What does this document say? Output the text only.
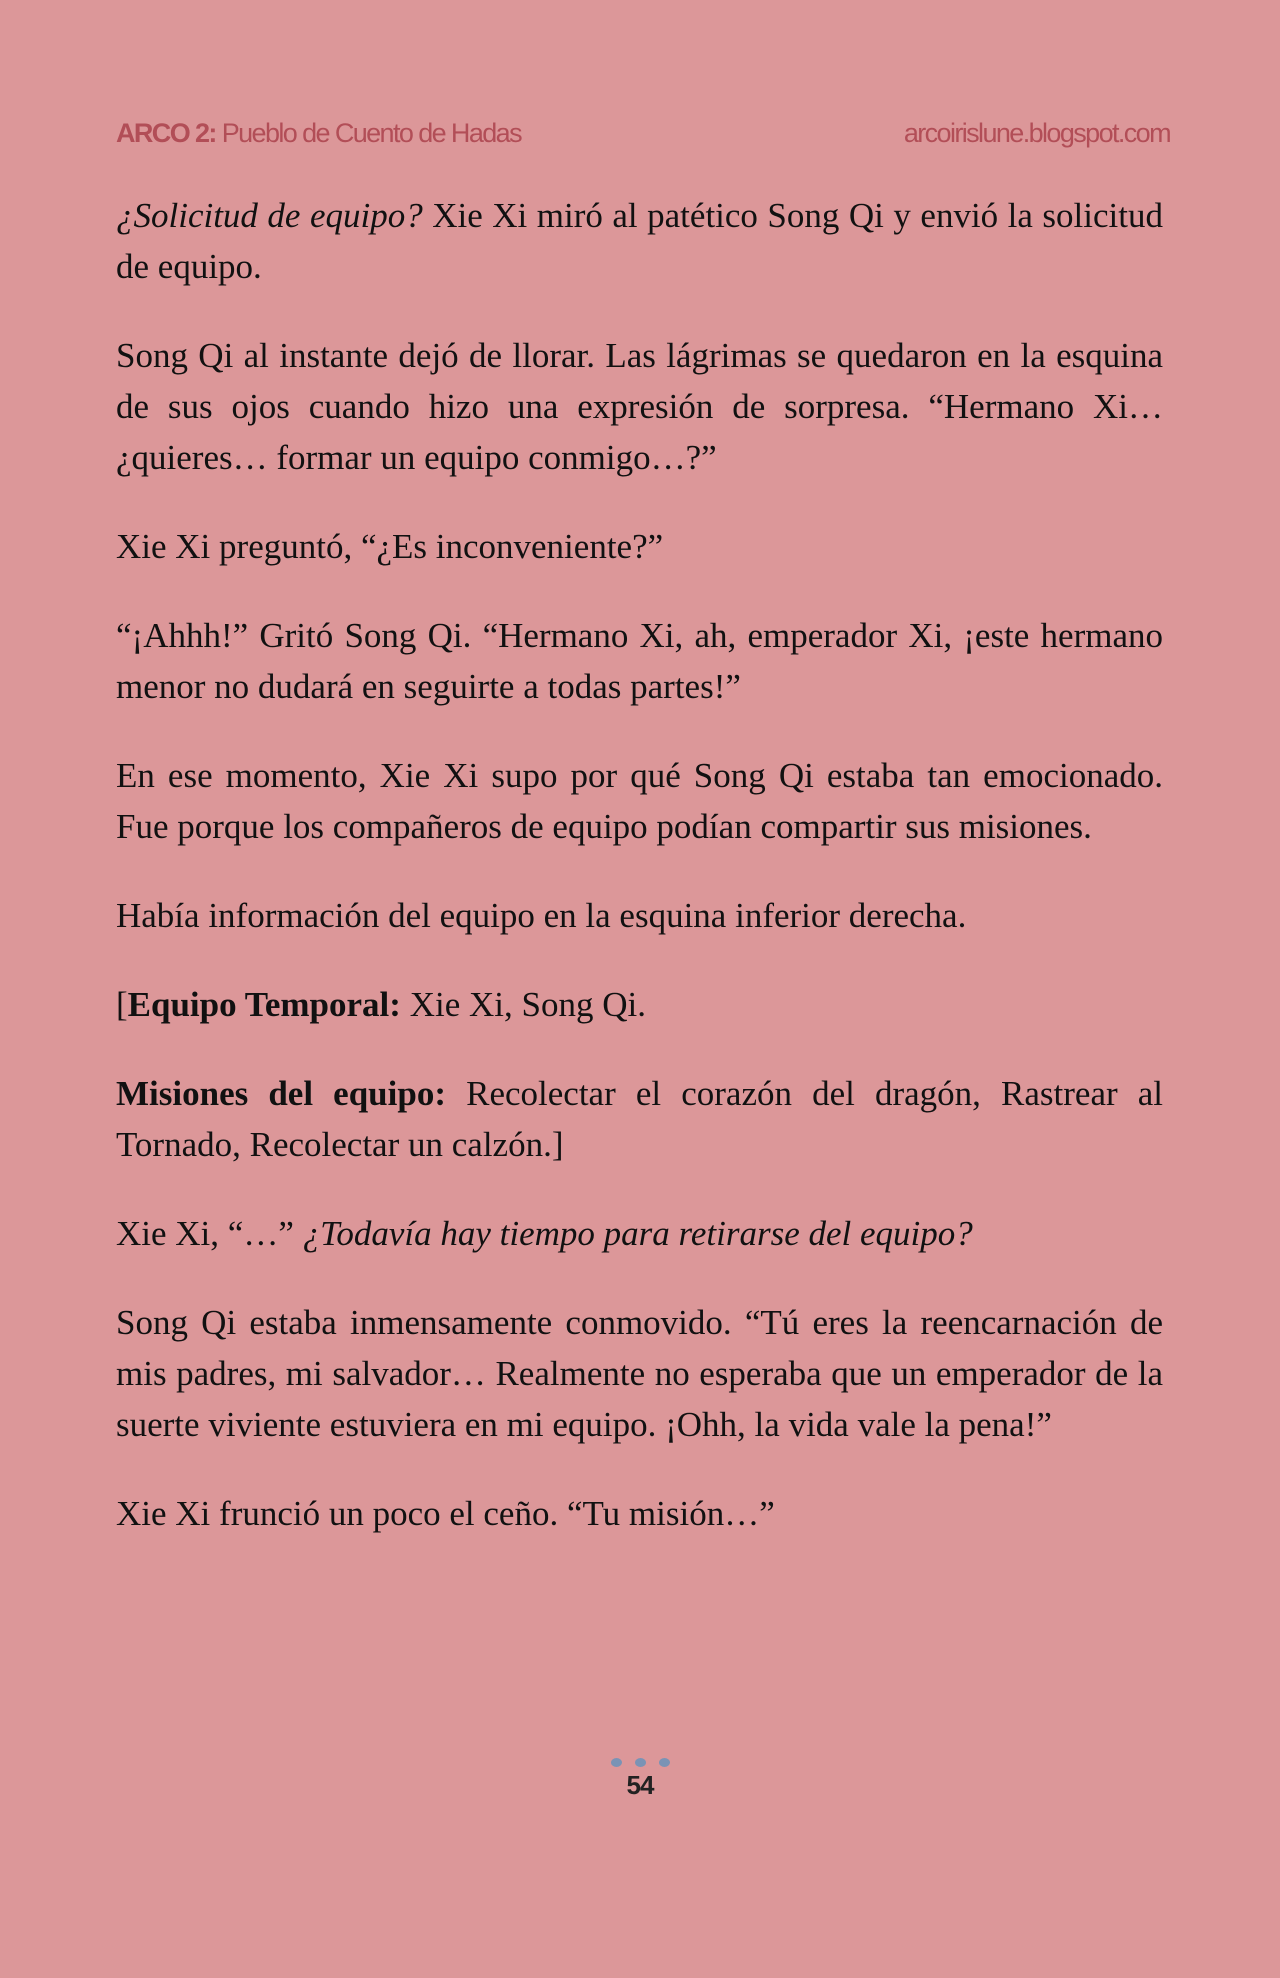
ARCO 2: Pueblo de Cuento de Hadas	arcoirislune.blogspot.com

¿Solicitud de equipo? Xie Xi miró al patético Song Qi y envió la solicitud de equipo.

Song Qi al instante dejó de llorar. Las lágrimas se quedaron en la esquina de sus ojos cuando hizo una expresión de sorpresa. “Hermano Xi… ¿quieres… formar un equipo conmigo…?”

Xie Xi preguntó, “¿Es inconveniente?”

“¡Ahhh!” Gritó Song Qi. “Hermano Xi, ah, emperador Xi, ¡este hermano menor no dudará en seguirte a todas partes!”

En ese momento, Xie Xi supo por qué Song Qi estaba tan emocionado. Fue porque los compañeros de equipo podían compartir sus misiones.

Había información del equipo en la esquina inferior derecha.

[Equipo Temporal: Xie Xi, Song Qi.

Misiones del equipo: Recolectar el corazón del dragón, Rastrear al Tornado, Recolectar un calzón.]

Xie Xi, “…” ¿Todavía hay tiempo para retirarse del equipo?

Song Qi estaba inmensamente conmovido. “Tú eres la reencarnación de mis padres, mi salvador… Realmente no esperaba que un emperador de la suerte viviente estuviera en mi equipo. ¡Ohh, la vida vale la pena!”

Xie Xi frunció un poco el ceño. “Tu misión…”

54
